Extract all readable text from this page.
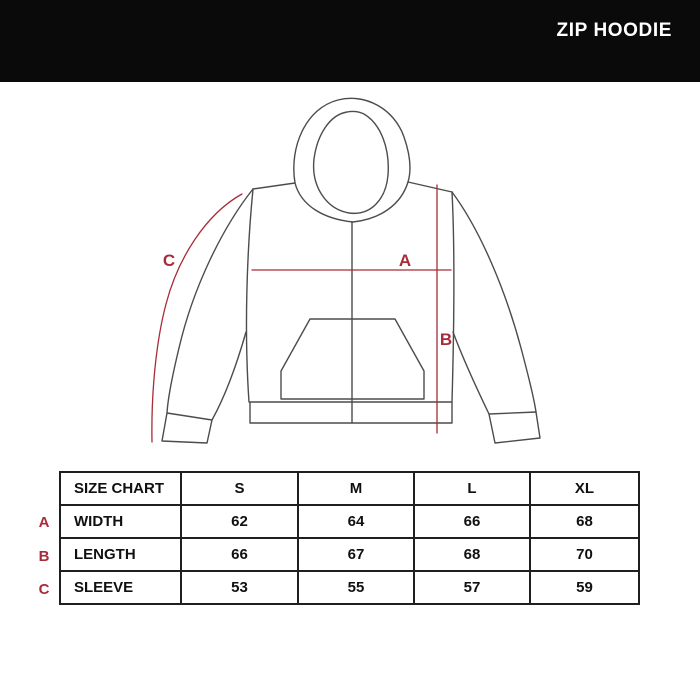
ZIP HOODIE
A
B
C
A
B
C
SIZE CHART	S	M	L	XL
WIDTH	62	64	66	68
LENGTH	66	67	68	70
SLEEVE	53	55	57	59
